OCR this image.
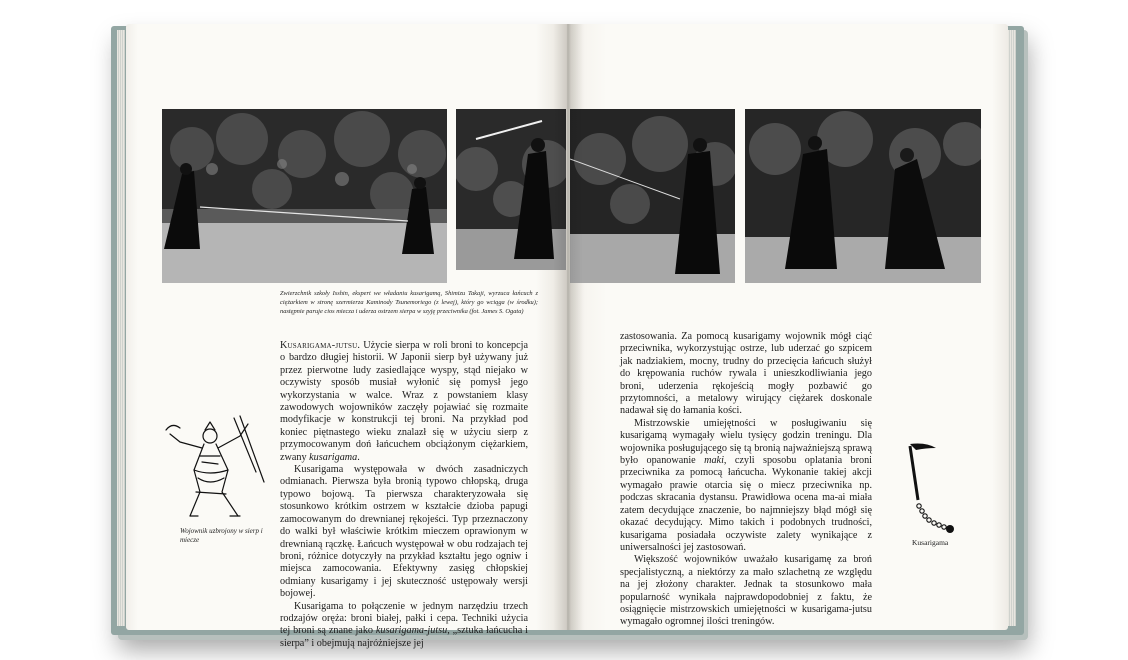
Zwierzchnik szkoły Isshin, ekspert we władaniu kusarigamą, Shimizu Takaji, wyrzuca łańcuch z ciężarkiem w stronę szermierza Kaminody Tsunemoriego (z lewej), który go wciąga (w środku); następnie paruje cios miecza i uderza ostrzem sierpa w szyję przeciwnika (fot. James S. Ogata)

Kusarigama-jutsu. Użycie sierpa w roli broni to koncepcja o bardzo długiej historii. W Japonii sierp był używany już przez pierwotne ludy zasiedlające wyspy, stąd niejako w oczywisty sposób musiał wyłonić się pomysł jego wykorzystania w walce. Wraz z powstaniem klasy zawodowych wojowników zaczęły pojawiać się rozmaite modyfikacje w konstrukcji tej broni. Na przykład pod koniec piętnastego wieku znalazł się w użyciu sierp z przymocowanym doń łańcuchem obciążonym ciężarkiem, zwany kusarigama.

Kusarigama występowała w dwóch zasadniczych odmianach. Pierwsza była bronią typowo chłopską, druga typowo bojową. Ta pierwsza charakteryzowała się stosunkowo krótkim ostrzem w kształcie dzioba papugi zamocowanym do drewnianej rękojeści. Typ przeznaczony do walki był właściwie krótkim mieczem oprawionym w drewnianą rączkę. Łańcuch występował w obu rodzajach tej broni, różnice dotyczyły na przykład kształtu jego ogniw i miejsca zamocowania. Efektywny zasięg chłopskiej odmiany kusarigamy i jej skuteczność ustępowały wersji bojowej.

Kusarigama to połączenie w jednym narzędziu trzech rodzajów oręża: broni białej, pałki i cepa. Techniki użycia tej broni są znane jako kusarigama-jutsu, „sztuka łańcucha i sierpa” i obejmują najróżniejsze jej

Wojownik uzbrojony w sierp i miecze

zastosowania. Za pomocą kusarigamy wojownik mógł ciąć przeciwnika, wykorzystując ostrze, lub uderzać go szpicem jak nadziakiem, mocny, trudny do przecięcia łańcuch służył do krępowania ruchów rywala i unieszkodliwiania jego broni, uderzenia rękojeścią mogły pozbawić go przytomności, a metalowy wirujący ciężarek doskonale nadawał się do łamania kości.

Mistrzowskie umiejętności w posługiwaniu się kusarigamą wymagały wielu tysięcy godzin treningu. Dla wojownika posługującego się tą bronią najważniejszą sprawą było opanowanie maki, czyli sposobu oplatania broni przeciwnika za pomocą łańcucha. Wykonanie takiej akcji wymagało prawie otarcia się o miecz przeciwnika np. podczas skracania dystansu. Prawidłowa ocena ma-ai miała zatem decydujące znaczenie, bo najmniejszy błąd mógł się okazać decydujący. Mimo takich i podobnych trudności, kusarigama posiadała oczywiste zalety wynikające z uniwersalności jej zastosowań.

Większość wojowników uważało kusarigamę za broń specjalistyczną, a niektórzy za mało szlachetną ze względu na jej złożony charakter. Jednak ta stosunkowo mała popularność wynikała najprawdopodobniej z faktu, że osiągnięcie mistrzowskich umiejętności w kusarigama-jutsu wymagało ogromnej ilości treningów.

Kusarigama
